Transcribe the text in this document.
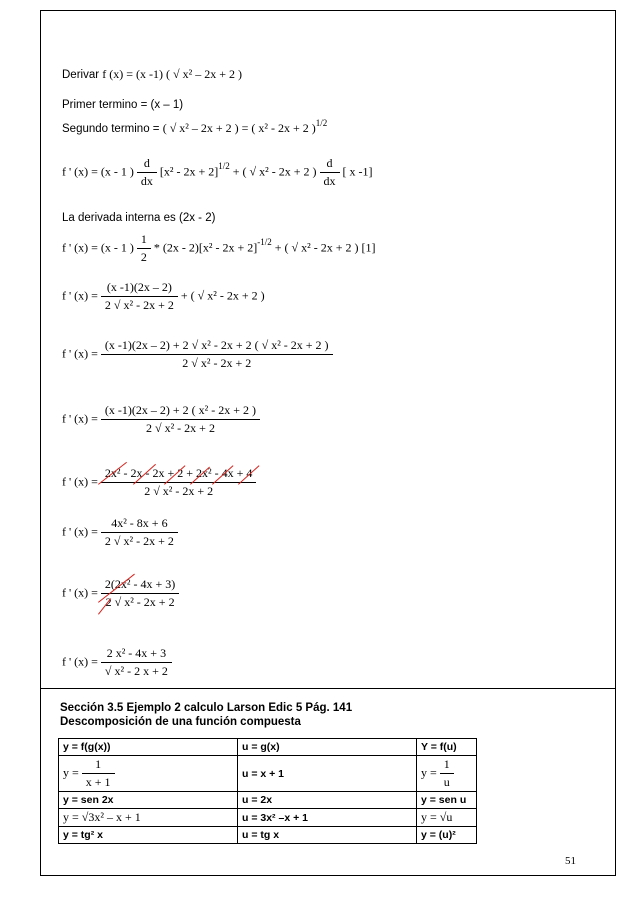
Derivar f (x) = (x -1) ( √ x² – 2x + 2 )
Primer termino = (x – 1)
Segundo termino = ( √ x² – 2x + 2 ) = ( x² - 2x + 2 )$^{1/2}$
f ' (x) = (x - 1 ) $\frac{d}{dx} [x^2 - 2x + 2]^{1/2}$ + ( √ x² - 2x + 2 ) $\frac{d}{dx}$ [ x -1]
La derivada interna es (2x - 2)
f ' (x) = (x - 1 ) $\frac{1}{2} * (2x - 2)[x^2 - 2x + 2]^{-1/2}$ + ( √ x² - 2x + 2 ) [1]
f ' $(x) = \frac{(x -1)(2x - 2)}{\text{2 √ x² - 2x + 2}}$ + ( √ x² - 2x + 2 )
f ' $(x) = \frac{\text{(x -1)(2x – 2) + 2 √ x² - 2x + 2 ( √ x² - 2x + 2 )}}{\text{2 √ x² - 2x + 2}}$
f ' $(x) = \frac{\text{(x -1)(2x – 2) + 2 ( x² - 2x + 2 )}}{\text{2 √ x² - 2x + 2}}$
f ' $(x) = \frac{\text{2x² - 2x - 2x + 2 + 2x² - 4x + 4}}{\text{2 √ x² - 2x + 2}}$
f ' $(x) = \frac{\text{4x² - 8x + 6}}{\text{2 √ x² - 2x + 2}}$
f ' $(x) = \frac{\text{2(2x² - 4x + 3)}}{\text{2 √ x² - 2x + 2}}$
f ' $(x) = \frac{\text{2 x² - 4x + 3}}{\text{√ x² - 2 x + 2}}$
Sección 3.5 Ejemplo 2 calculo Larson Edic 5 Pág. 141
Descomposición de una función compuesta
y = f(g(x))	u = g(x)	Y = f(u)
$y = \frac{1}{x + 1}$	u = x + 1	$y = \frac{1}{u}$

y = sen 2x	u = 2x	y = sen u
y = √3x² – x + 1	u = 3x² –x + 1	y = √u
y = tg² x	u = tg x	y = (u)²
51
